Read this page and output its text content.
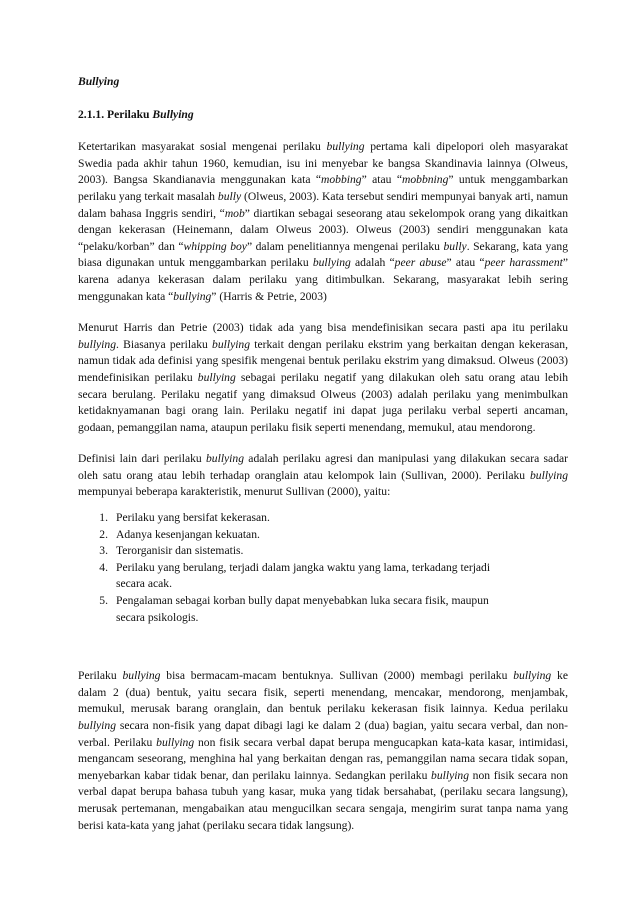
Bullying

2.1.1. Perilaku Bullying

Ketertarikan masyarakat sosial mengenai perilaku bullying pertama kali dipelopori oleh masyarakat Swedia pada akhir tahun 1960, kemudian, isu ini menyebar ke bangsa Skandinavia lainnya (Olweus, 2003). Bangsa Skandianavia menggunakan kata “mobbing” atau “mobbning” untuk menggambarkan perilaku yang terkait masalah bully (Olweus, 2003). Kata tersebut sendiri mempunyai banyak arti, namun dalam bahasa Inggris sendiri, “mob” diartikan sebagai seseorang atau sekelompok orang yang dikaitkan dengan kekerasan (Heinemann, dalam Olweus 2003). Olweus (2003) sendiri menggunakan kata “pelaku/korban” dan “whipping boy” dalam penelitiannya mengenai perilaku bully. Sekarang, kata yang biasa digunakan untuk menggambarkan perilaku bullying adalah “peer abuse” atau “peer harassment” karena adanya kekerasan dalam perilaku yang ditimbulkan. Sekarang, masyarakat lebih sering menggunakan kata “bullying” (Harris & Petrie, 2003)

Menurut Harris dan Petrie (2003) tidak ada yang bisa mendefinisikan secara pasti apa itu perilaku bullying. Biasanya perilaku bullying terkait dengan perilaku ekstrim yang berkaitan dengan kekerasan, namun tidak ada definisi yang spesifik mengenai bentuk perilaku ekstrim yang dimaksud. Olweus (2003) mendefinisikan perilaku bullying sebagai perilaku negatif yang dilakukan oleh satu orang atau lebih secara berulang. Perilaku negatif yang dimaksud Olweus (2003) adalah perilaku yang menimbulkan ketidaknyamanan bagi orang lain. Perilaku negatif ini dapat juga perilaku verbal seperti ancaman, godaan, pemanggilan nama, ataupun perilaku fisik seperti menendang, memukul, atau mendorong.

Definisi lain dari perilaku bullying adalah perilaku agresi dan manipulasi yang dilakukan secara sadar oleh satu orang atau lebih terhadap oranglain atau kelompok lain (Sullivan, 2000). Perilaku bullying mempunyai beberapa karakteristik, menurut Sullivan (2000), yaitu:

1. Perilaku yang bersifat kekerasan.
2. Adanya kesenjangan kekuatan.
3. Terorganisir dan sistematis.
4. Perilaku yang berulang, terjadi dalam jangka waktu yang lama, terkadang terjadi secara acak.
5. Pengalaman sebagai korban bully dapat menyebabkan luka secara fisik, maupun secara psikologis.

Perilaku bullying bisa bermacam-macam bentuknya. Sullivan (2000) membagi perilaku bullying ke dalam 2 (dua) bentuk, yaitu secara fisik, seperti menendang, mencakar, mendorong, menjambak, memukul, merusak barang oranglain, dan bentuk perilaku kekerasan fisik lainnya. Kedua perilaku bullying secara non-fisik yang dapat dibagi lagi ke dalam 2 (dua) bagian, yaitu secara verbal, dan non-verbal. Perilaku bullying non fisik secara verbal dapat berupa mengucapkan kata-kata kasar, intimidasi, mengancam seseorang, menghina hal yang berkaitan dengan ras, pemanggilan nama secara tidak sopan, menyebarkan kabar tidak benar, dan perilaku lainnya. Sedangkan perilaku bullying non fisik secara non verbal dapat berupa bahasa tubuh yang kasar, muka yang tidak bersahabat, (perilaku secara langsung), merusak pertemanan, mengabaikan atau mengucilkan secara sengaja, mengirim surat tanpa nama yang berisi kata-kata yang jahat (perilaku secara tidak langsung).
